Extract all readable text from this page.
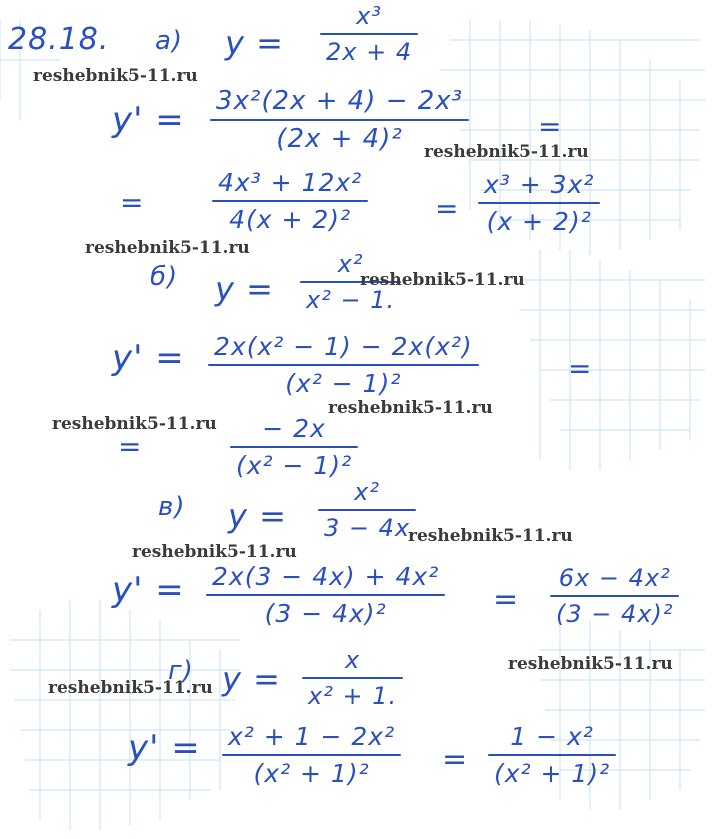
28.18. а) y =
x³
2x + 4
y' = 3x²(2x + 4) − 2x³
(2x + 4)²	=
=
4x³ + 12x²
4(x + 2)²	=
x³ + 3x²
(x + 2)²
б) y =
x²
x² − 1.
y' = 2x(x² − 1) − 2x(x²)
(x² − 1)²	=
=
− 2x
(x² − 1)²
в) y =
x²
3 − 4x
y' = 2x(3 − 4x) + 4x²
(3 − 4x)²	=
6x − 4x²
(3 − 4x)²
г) y =	x
x² + 1.
y' = x² + 1 − 2x²
(x² + 1)² =
1 − x²
(x² + 1)²
reshebnik5-11.ru
reshebnik5-11.ru
reshebnik5-11.ru
reshebnik5-11.ru
reshebnik5-11.ru
reshebnik5-11.ru
reshebnik5-11.ru
reshebnik5-11.ru
reshebnik5-11.ru
reshebnik5-11.ru
